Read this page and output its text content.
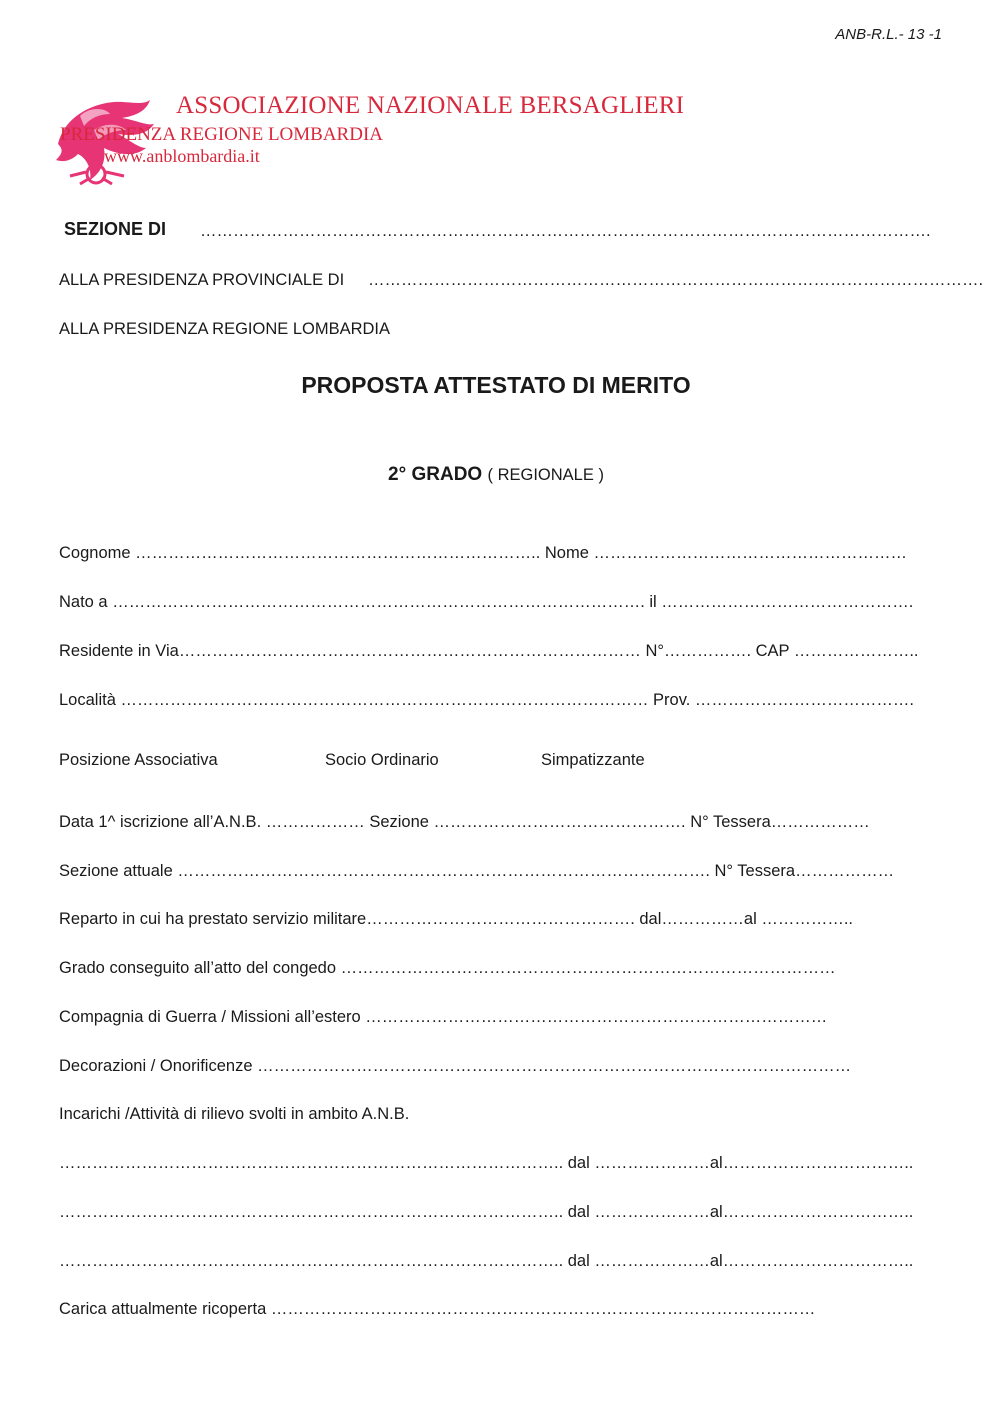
ANB-R.L.- 13 -1
ASSOCIAZIONE NAZIONALE BERSAGLIERI
PRESIDENZA REGIONE LOMBARDIA
www.anblombardia.it
SEZIONE DI …………………………………………………………………………………………………………………….
ALLA PRESIDENZA PROVINCIALE DI ………………………………………………………………………………………………….
ALLA PRESIDENZA REGIONE LOMBARDIA
PROPOSTA ATTESTATO DI MERITO
2° GRADO ( REGIONALE )
Cognome ……………………………………………………………….. Nome …………………………………………………
Nato a ……………………………………………………………………………………. il ……………………………………….
Residente in Via………………………………………………………………………… N°……………. CAP …………………..
Località …………………………………………………………………………………… Prov. ………………………………….
Posizione Associativa	Socio Ordinario	Simpatizzante
Data 1^ iscrizione all’A.N.B. ……………… Sezione ………………………………………. N° Tessera………………
Sezione attuale ……………………………………………………………………………………. N° Tessera………………
Reparto in cui ha prestato servizio militare…………………………………………. dal……………al ……………..
Grado conseguito all’atto del congedo ………………………………………………………………………………
Compagnia di Guerra / Missioni all’estero …………………………………………………………………………
Decorazioni / Onorificenze ………………………………………………………………………………………………
Incarichi /Attività di rilievo svolti in ambito A.N.B.
……………………………………………………………………………….. dal …………………al……………………………..
……………………………………………………………………………….. dal …………………al……………………………..
……………………………………………………………………………….. dal …………………al……………………………..
Carica attualmente ricoperta ………………………………………………………………………………………
